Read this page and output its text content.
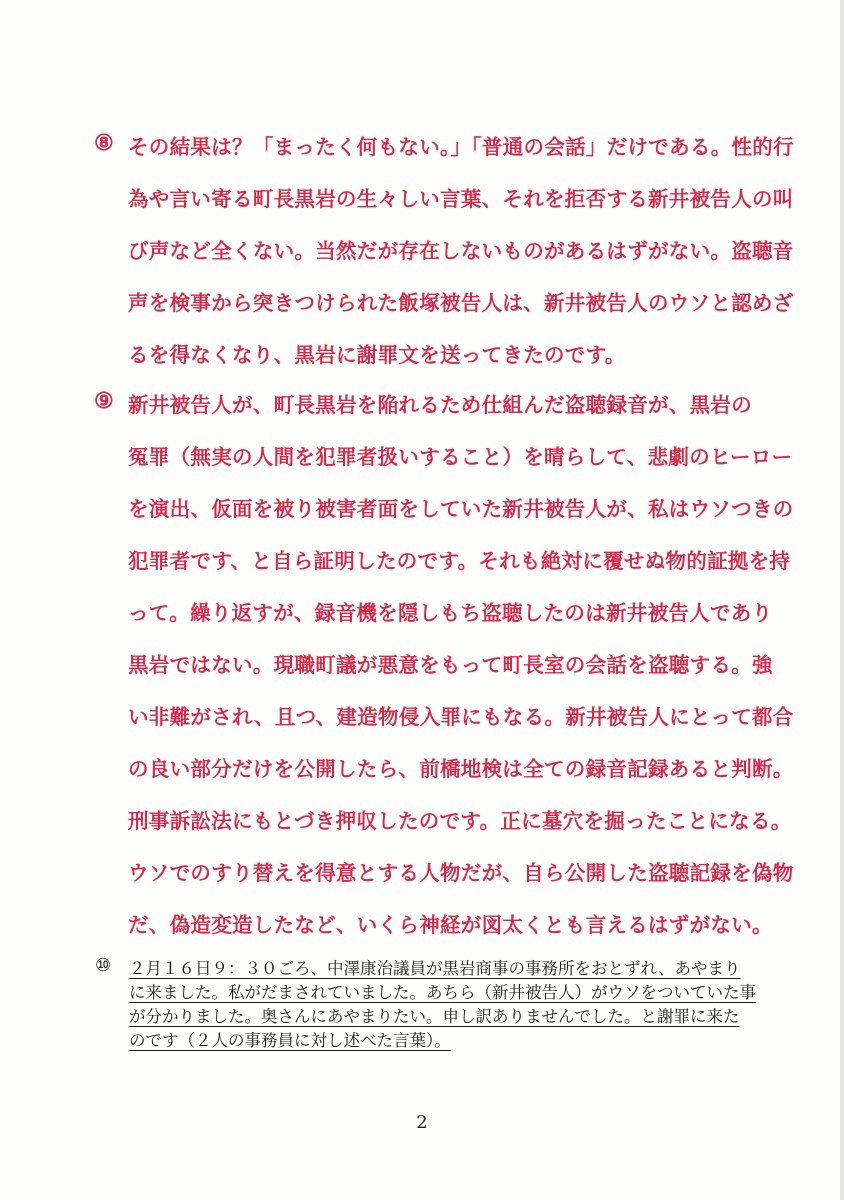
⑧ その結果は？「まったく何もない。」「普通の会話」だけである。性的行
為や言い寄る町長黒岩の生々しい言葉、それを拒否する新井被告人の叫
び声など全くない。当然だが存在しないものがあるはずがない。盗聴音
声を検事から突きつけられた飯塚被告人は、新井被告人のウソと認めざ
るを得なくなり、黒岩に謝罪文を送ってきたのです。
⑨ 新井被告人が、町長黒岩を陥れるため仕組んだ盗聴録音が、黒岩の
冤罪（無実の人間を犯罪者扱いすること）を晴らして、悲劇のヒーロー
を演出、仮面を被り被害者面をしていた新井被告人が、私はウソつきの
犯罪者です、と自ら証明したのです。それも絶対に覆せぬ物的証拠を持
って。繰り返すが、録音機を隠しもち盗聴したのは新井被告人であり
黒岩ではない。現職町議が悪意をもって町長室の会話を盗聴する。強
い非難がされ、且つ、建造物侵入罪にもなる。新井被告人にとって都合
の良い部分だけを公開したら、前橋地検は全ての録音記録あると判断。
刑事訴訟法にもとづき押収したのです。正に墓穴を掘ったことになる。
ウソでのすり替えを得意とする人物だが、自ら公開した盗聴記録を偽物
だ、偽造変造したなど、いくら神経が図太くとも言えるはずがない。
⑩ ２月１６日９：３０ごろ、中澤康治議員が黒岩商事の事務所をおとずれ、あやまり
に来ました。私がだまされていました。あちら（新井被告人）がウソをついていた事
が分かりました。奥さんにあやまりたい。申し訳ありませんでした。と謝罪に来た
のです（２人の事務員に対し述べた言葉）。
2
